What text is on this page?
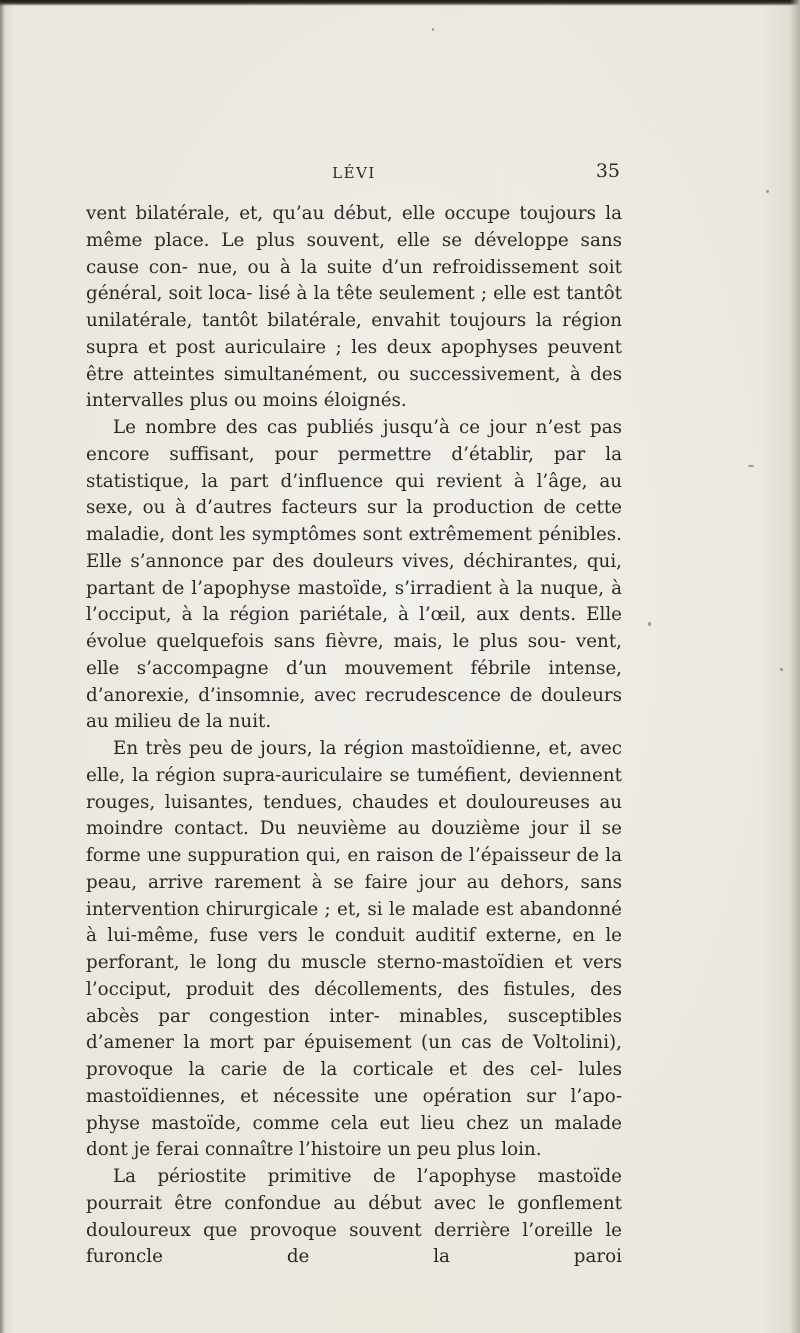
LÉVI	35

vent bilatérale, et, qu’au début, elle occupe toujours la même place. Le plus souvent, elle se développe sans cause con- nue, ou à la suite d’un refroidissement soit général, soit loca- lisé à la tête seulement ; elle est tantôt unilatérale, tantôt bilatérale, envahit toujours la région supra et post auriculaire ; les deux apophyses peuvent être atteintes simultanément, ou successivement, à des intervalles plus ou moins éloignés.

Le nombre des cas publiés jusqu’à ce jour n’est pas encore suffisant, pour permettre d’établir, par la statistique, la part d’influence qui revient à l’âge, au sexe, ou à d’autres facteurs sur la production de cette maladie, dont les symptômes sont extrêmement pénibles. Elle s’annonce par des douleurs vives, déchirantes, qui, partant de l’apophyse mastoïde, s’irradient à la nuque, à l’occiput, à la région pariétale, à l’œil, aux dents. Elle évolue quelquefois sans fièvre, mais, le plus sou- vent, elle s’accompagne d’un mouvement fébrile intense, d’anorexie, d’insomnie, avec recrudescence de douleurs au milieu de la nuit.

En très peu de jours, la région mastoïdienne, et, avec elle, la région supra-auriculaire se tuméfient, deviennent rouges, luisantes, tendues, chaudes et douloureuses au moindre contact. Du neuvième au douzième jour il se forme une suppuration qui, en raison de l’épaisseur de la peau, arrive rarement à se faire jour au dehors, sans intervention chirurgicale ; et, si le malade est abandonné à lui-même, fuse vers le conduit auditif externe, en le perforant, le long du muscle sterno-mastoïdien et vers l’occiput, produit des décollements, des fistules, des abcès par congestion inter- minables, susceptibles d’amener la mort par épuisement (un cas de Voltolini), provoque la carie de la corticale et des cel- lules mastoïdiennes, et nécessite une opération sur l’apo- physe mastoïde, comme cela eut lieu chez un malade dont je ferai connaître l’histoire un peu plus loin.

La périostite primitive de l’apophyse mastoïde pourrait être confondue au début avec le gonflement douloureux que provoque souvent derrière l’oreille le furoncle de la paroi
